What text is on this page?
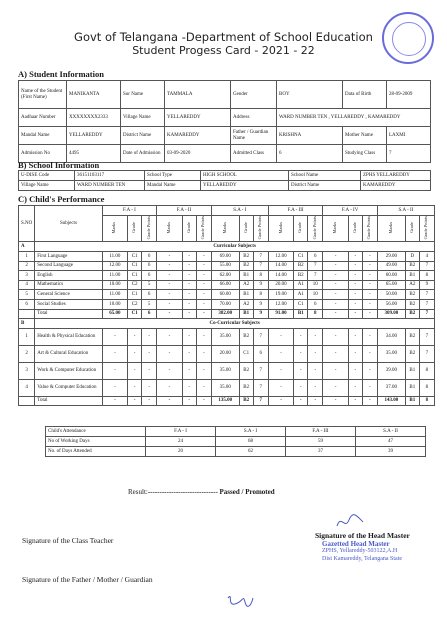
Govt of Telangana -Department of School Education
Student Progess Card - 2021 - 22
A) Student Information
Name of the Student (First Name)	MANIKANTA	Sur Name	TAMMALA	Gender	BOY	Data of Birth	28-09-2009
Aadhaar Number	XXXXXXXX2333	Village Name	YELLAREDDY	Address	WARD NUMBER TEN , YELLAREDDY , KAMAREDDY		
Mandal Name	YELLAREDDY	District Name	KAMAREDDY	Father / Guardian Name	KRISHNA	Mother Name	LAXMI
Admission No	4495	Date of Admission	03-09-2020	Admitted Class	6	Studying Class	7
B) School Information
U-DISE Code	36151103117	School Type	HIGH SCHOOL	School Name	ZPHS YELLAREDDY
Village Name	WARD NUMBER TEN	Mandal Name	YELLAREDDY	District Name	KAMAREDDY
C) Child's Performance
S.NO	Subjects	F.A - I			F.A - II			S.A - I			F.A - III			F.A - IV			S.A - II		
		Marks	Grade	Grade Points	Marks	Grade	Grade Points	Marks	Grade	Grade Points	Marks	Grade	Grade Points	Marks	Grade	Grade Points	Marks	Grade	Grade Points
A	Curricular Subjects																		
1	First Language	11.00	C1	6	-	-	-	69.00	B2	7	12.00	C1	6	-	-	-	29.00	D	4
2	Second Language	12.00	C1	6	-	-	-	55.00	B2	7	14.00	B2	7	-	-	-	49.00	B2	7
3	English	11.00	C1	6	-	-	-	62.00	B1	8	14.00	B2	7	-	-	-	60.00	B1	8
4	Mathematics	10.00	C2	5	-	-	-	66.00	A2	9	20.00	A1	10	-	-	-	65.00	A2	9
5	General Science	11.00	C1	6	-	-	-	60.00	B1	8	19.00	A1	10	-	-	-	50.00	B2	7
6	Social Studies	10.00	C2	5	-	-	-	70.00	A2	9	12.00	C1	6	-	-	-	56.00	B2	7
	Total	65.00	C1	6	-	-	-	382.00	B1	9	91.00	B1	8	-	-	-	309.00	B2	7
B	Co-Curricular Subjects																		
1	Health & Physical Education	-	-	-	-	-	-	35.00	B2	7	-	-	-	-	-	-	34.00	B2	7
2	Art & Cultural Education	-	-	-	-	-	-	20.00	C1	6	-	-	-	-	-	-	35.00	B2	7
3	Work & Computer Education	-	-	-	-	-	-	35.00	B2	7	-	-	-	-	-	-	39.00	B1	8
4	Value & Computer Education	-	-	-	-	-	-	35.00	B2	7	-	-	-	-	-	-	37.00	B1	8
	Total	-	-	-	-	-	-	135.00	B2	7	-	-	-	-	-	-	143.00	B1	8
Child's Attendance	F.A - I	S.A - I	F.A - III	S.A - II
No of Working Days	24	68	59	47
No. of Days Attended	20	62	37	39
Result:------------------------------ Passed / Promoted
Signature of the Class Teacher
Signature of the Head Master
Signature of the Father / Mother / Guardian
Gazetted Head Master
ZPHS, Yellareddy-503122,A.H
Dist Kamareddy, Telangana State
